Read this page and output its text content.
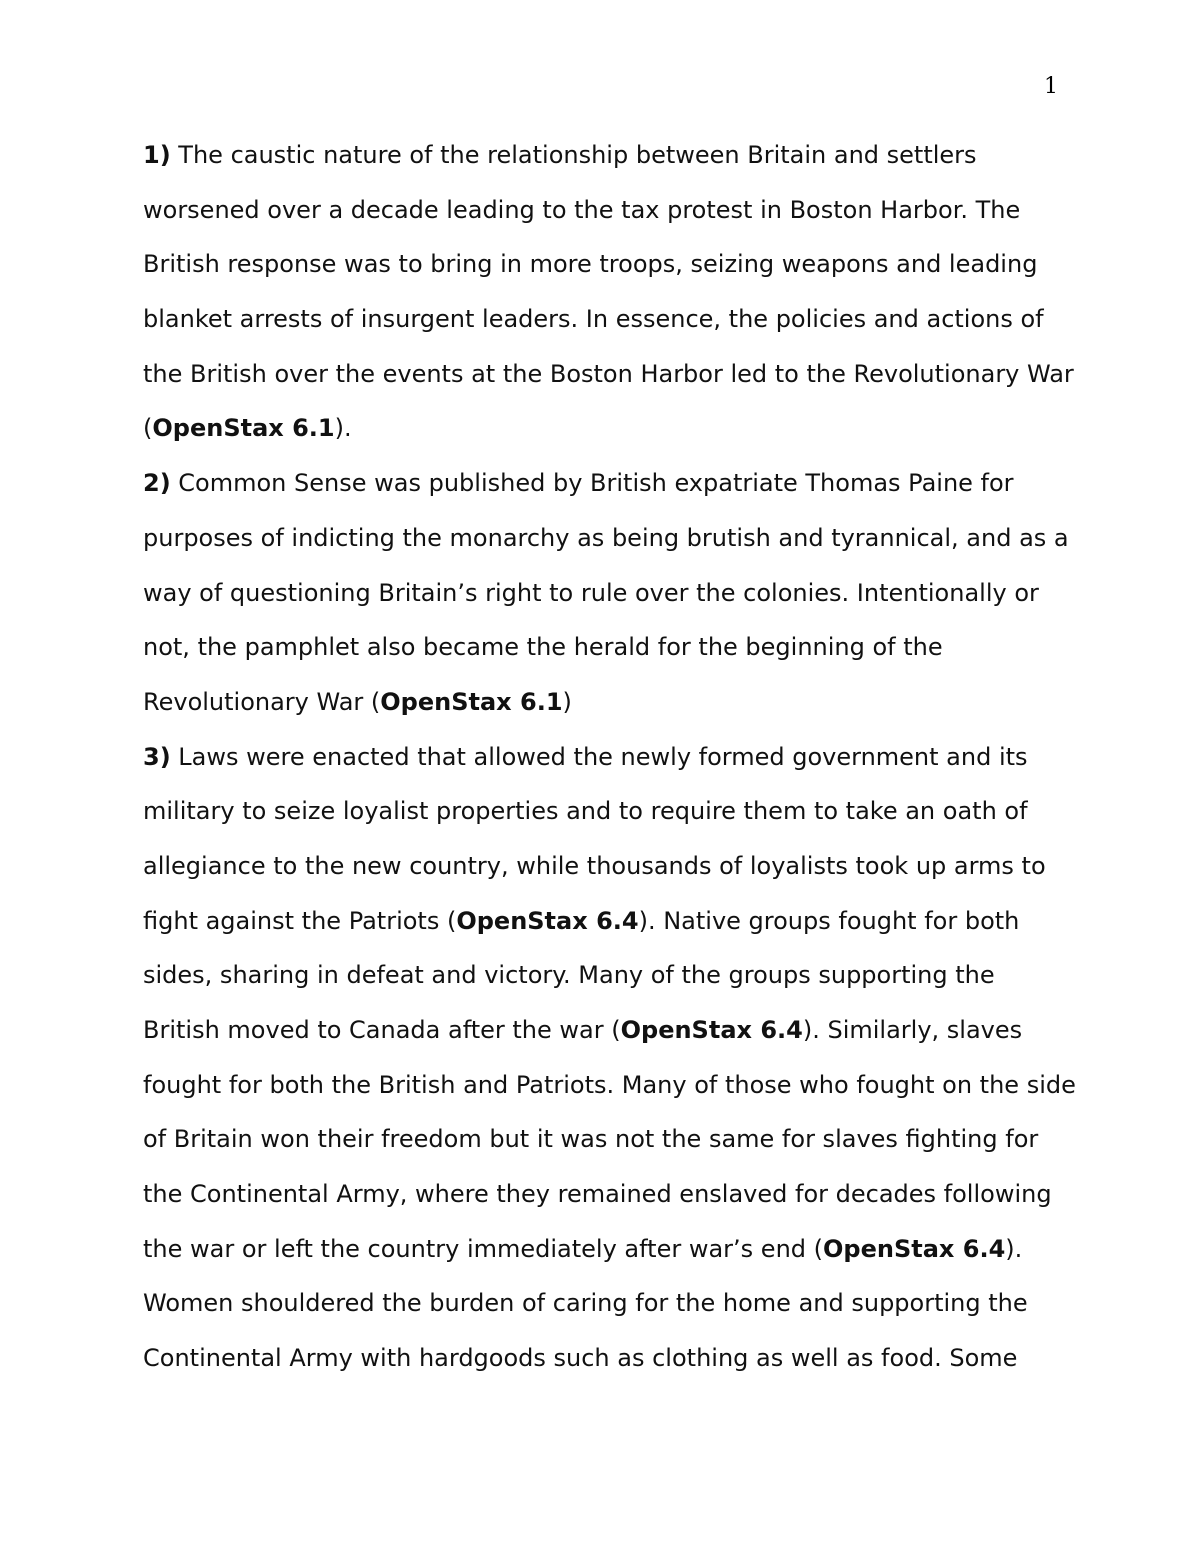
1
1) The caustic nature of the relationship between Britain and settlers
worsened over a decade leading to the tax protest in Boston Harbor. The
British response was to bring in more troops, seizing weapons and leading
blanket arrests of insurgent leaders. In essence, the policies and actions of
the British over the events at the Boston Harbor led to the Revolutionary War
(OpenStax 6.1).
2) Common Sense was published by British expatriate Thomas Paine for
purposes of indicting the monarchy as being brutish and tyrannical, and as a
way of questioning Britain’s right to rule over the colonies. Intentionally or
not, the pamphlet also became the herald for the beginning of the
Revolutionary War (OpenStax 6.1)
3) Laws were enacted that allowed the newly formed government and its
military to seize loyalist properties and to require them to take an oath of
allegiance to the new country, while thousands of loyalists took up arms to
fight against the Patriots (OpenStax 6.4). Native groups fought for both
sides, sharing in defeat and victory. Many of the groups supporting the
British moved to Canada after the war (OpenStax 6.4). Similarly, slaves
fought for both the British and Patriots. Many of those who fought on the side
of Britain won their freedom but it was not the same for slaves fighting for
the Continental Army, where they remained enslaved for decades following
the war or left the country immediately after war’s end (OpenStax 6.4).
Women shouldered the burden of caring for the home and supporting the
Continental Army with hardgoods such as clothing as well as food. Some
